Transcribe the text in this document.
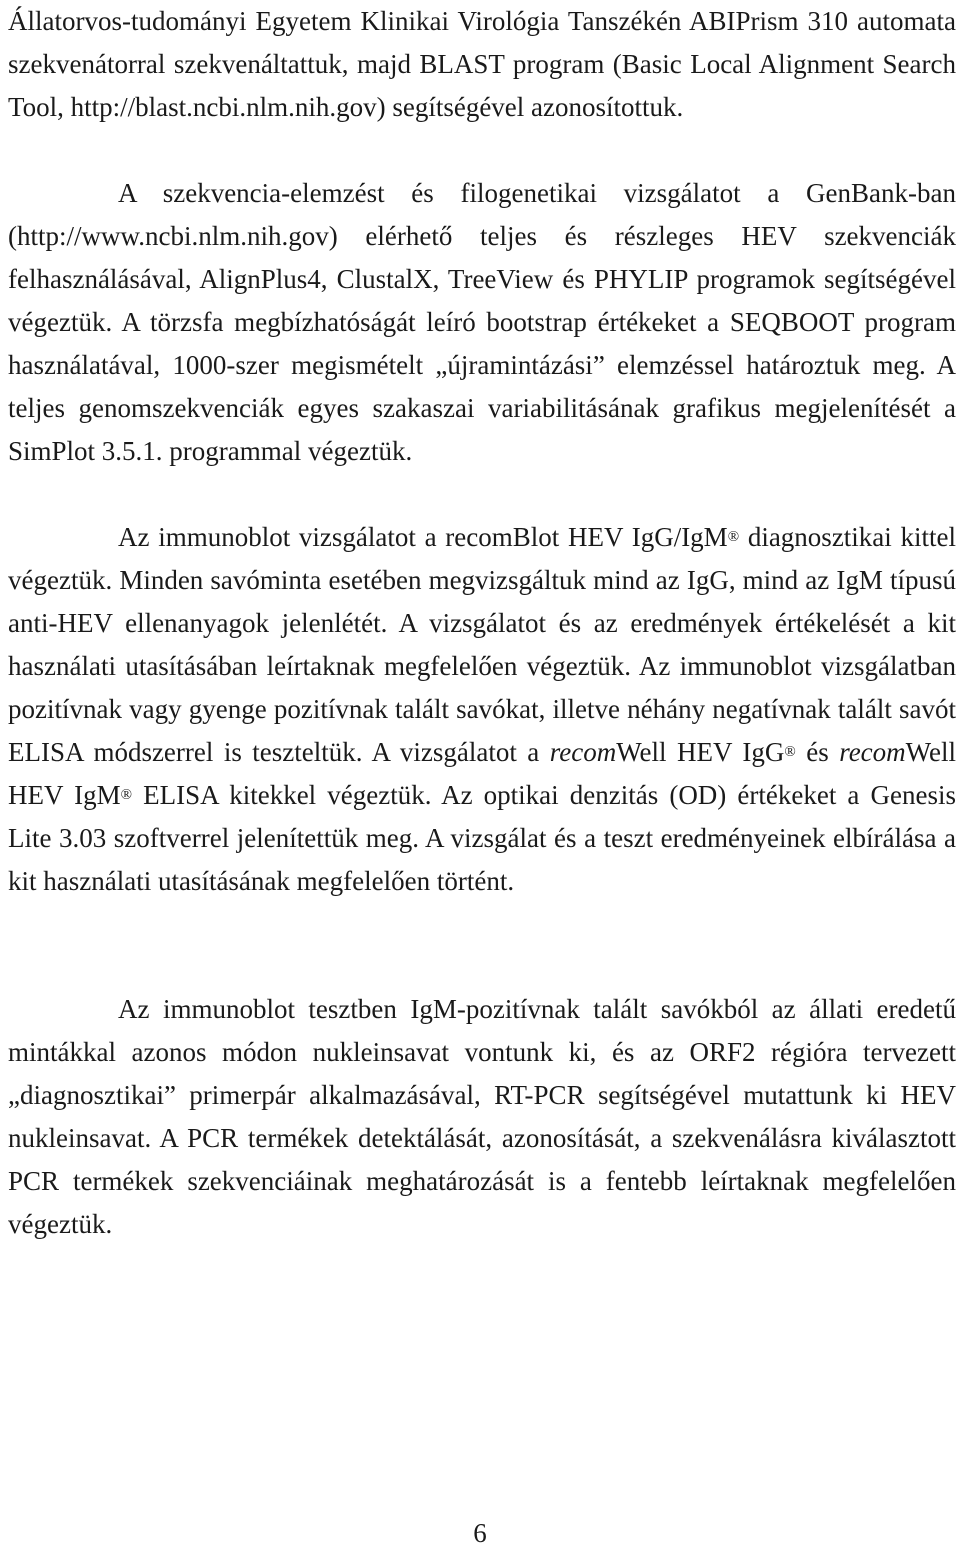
Állatorvos-tudományi Egyetem Klinikai Virológia Tanszékén ABIPrism 310 automata szekvenátorral szekvenáltattuk, majd BLAST program (Basic Local Alignment Search Tool, http://blast.ncbi.nlm.nih.gov) segítségével azonosítottuk.

A szekvencia-elemzést és filogenetikai vizsgálatot a GenBank-ban (http://www.ncbi.nlm.nih.gov) elérhető teljes és részleges HEV szekvenciák felhasználásával, AlignPlus4, ClustalX, TreeView és PHYLIP programok segítségével végeztük. A törzsfa megbízhatóságát leíró bootstrap értékeket a SEQBOOT program használatával, 1000-szer megismételt „újramintázási” elemzéssel határoztuk meg. A teljes genomszekvenciák egyes szakaszai variabilitásának grafikus megjelenítését a SimPlot 3.5.1. programmal végeztük.

Az immunoblot vizsgálatot a recomBlot HEV IgG/IgM® diagnosztikai kittel végeztük. Minden savóminta esetében megvizsgáltuk mind az IgG, mind az IgM típusú anti-HEV ellenanyagok jelenlétét. A vizsgálatot és az eredmények értékelését a kit használati utasításában leírtaknak megfelelően végeztük. Az immunoblot vizsgálatban pozitívnak vagy gyenge pozitívnak talált savókat, illetve néhány negatívnak talált savót ELISA módszerrel is teszteltük. A vizsgálatot a recomWell HEV IgG® és recomWell HEV IgM® ELISA kitekkel végeztük. Az optikai denzitás (OD) értékeket a Genesis Lite 3.03 szoftverrel jelenítettük meg. A vizsgálat és a teszt eredményeinek elbírálása a kit használati utasításának megfelelően történt.

Az immunoblot tesztben IgM-pozitívnak talált savókból az állati eredetű mintákkal azonos módon nukleinsavat vontunk ki, és az ORF2 régióra tervezett „diagnosztikai” primerpár alkalmazásával, RT-PCR segítségével mutattunk ki HEV nukleinsavat. A PCR termékek detektálását, azonosítását, a szekvenálásra kiválasztott PCR termékek szekvenciáinak meghatározását is a fentebb leírtaknak megfelelően végeztük.

6
